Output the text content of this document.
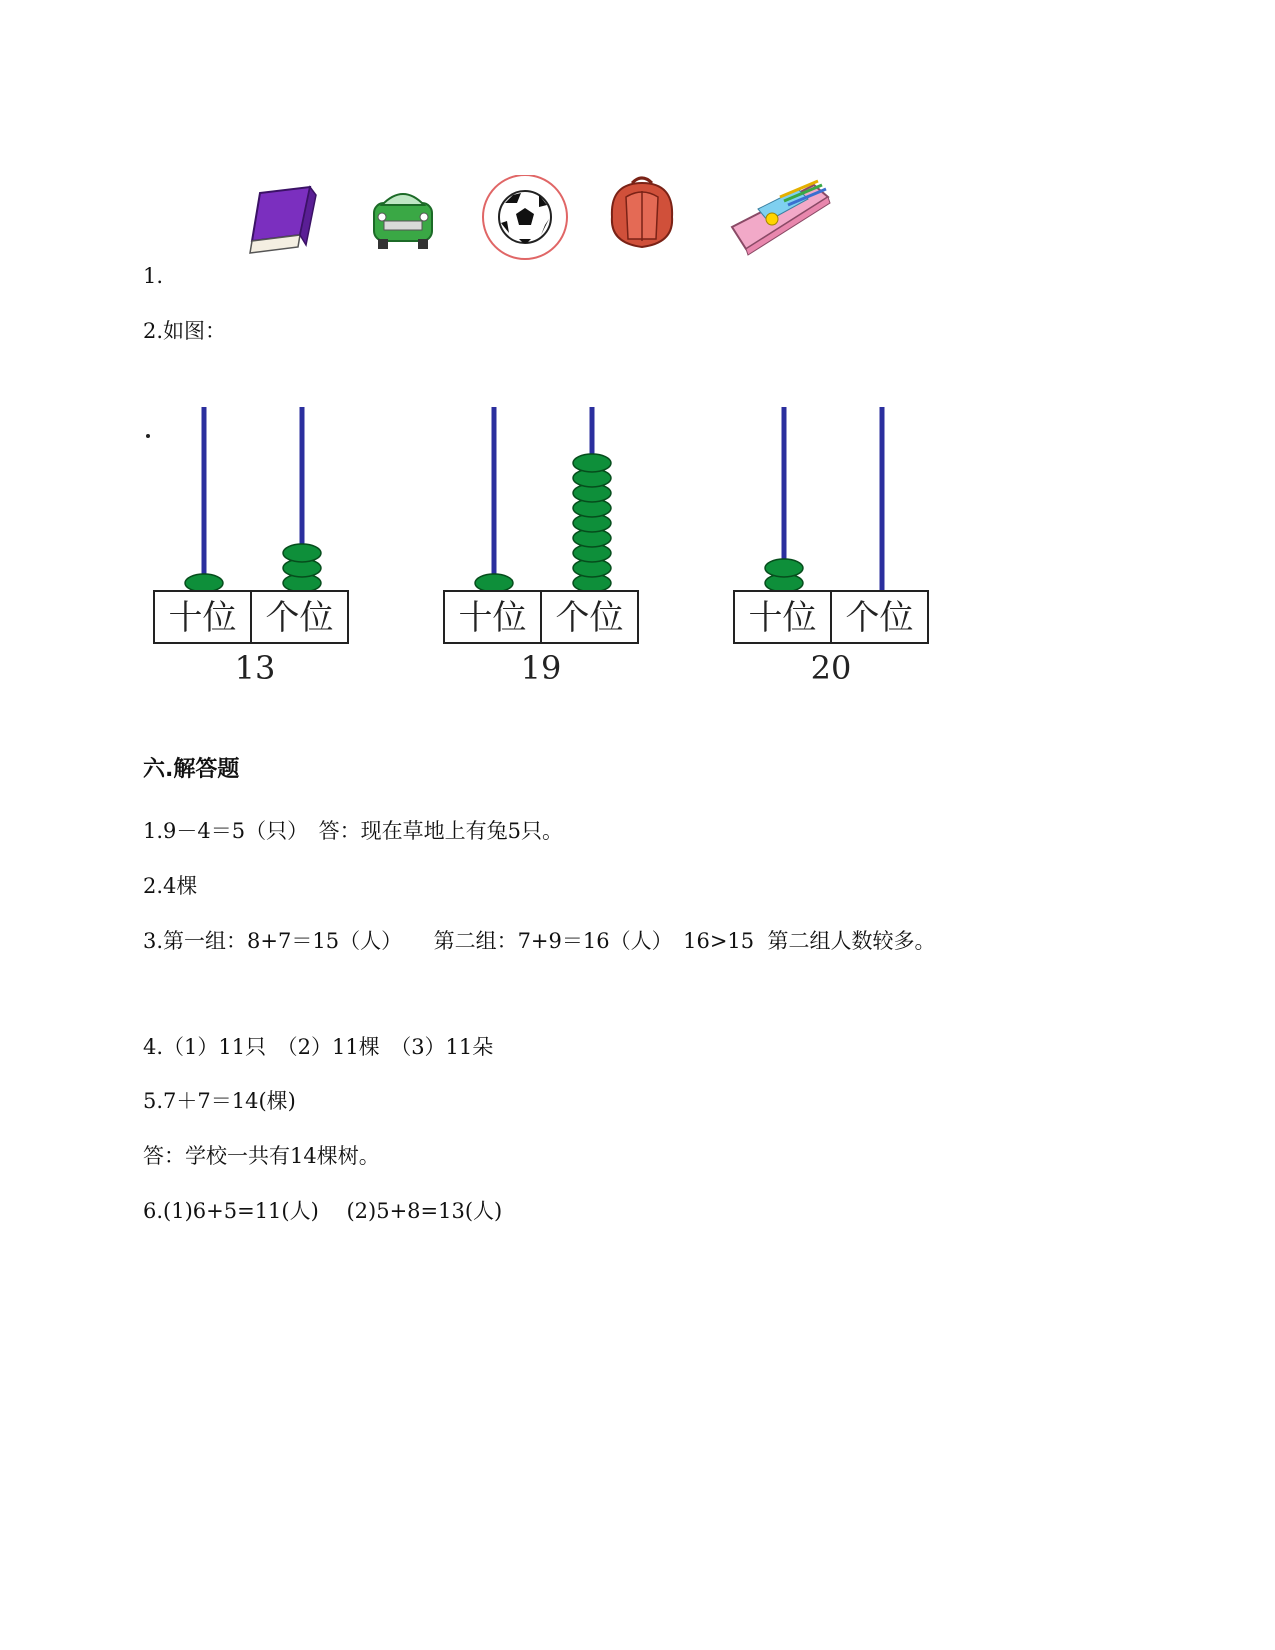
1.
2.如图：
十位 个位
13
十位 个位
19
十位 个位
20
六.解答题
1.9－4＝5（只）　答：现在草地上有兔5只。
2.4棵
3.第一组：8+7＝15（人）　　第二组：7+9＝16（人）　16>15  第二组人数较多。
4.（1）11只　（2）11棵　（3）11朵
5.7＋7＝14(棵)
答：学校一共有14棵树。
6.(1)6+5=11(人)　 (2)5+8=13(人)
